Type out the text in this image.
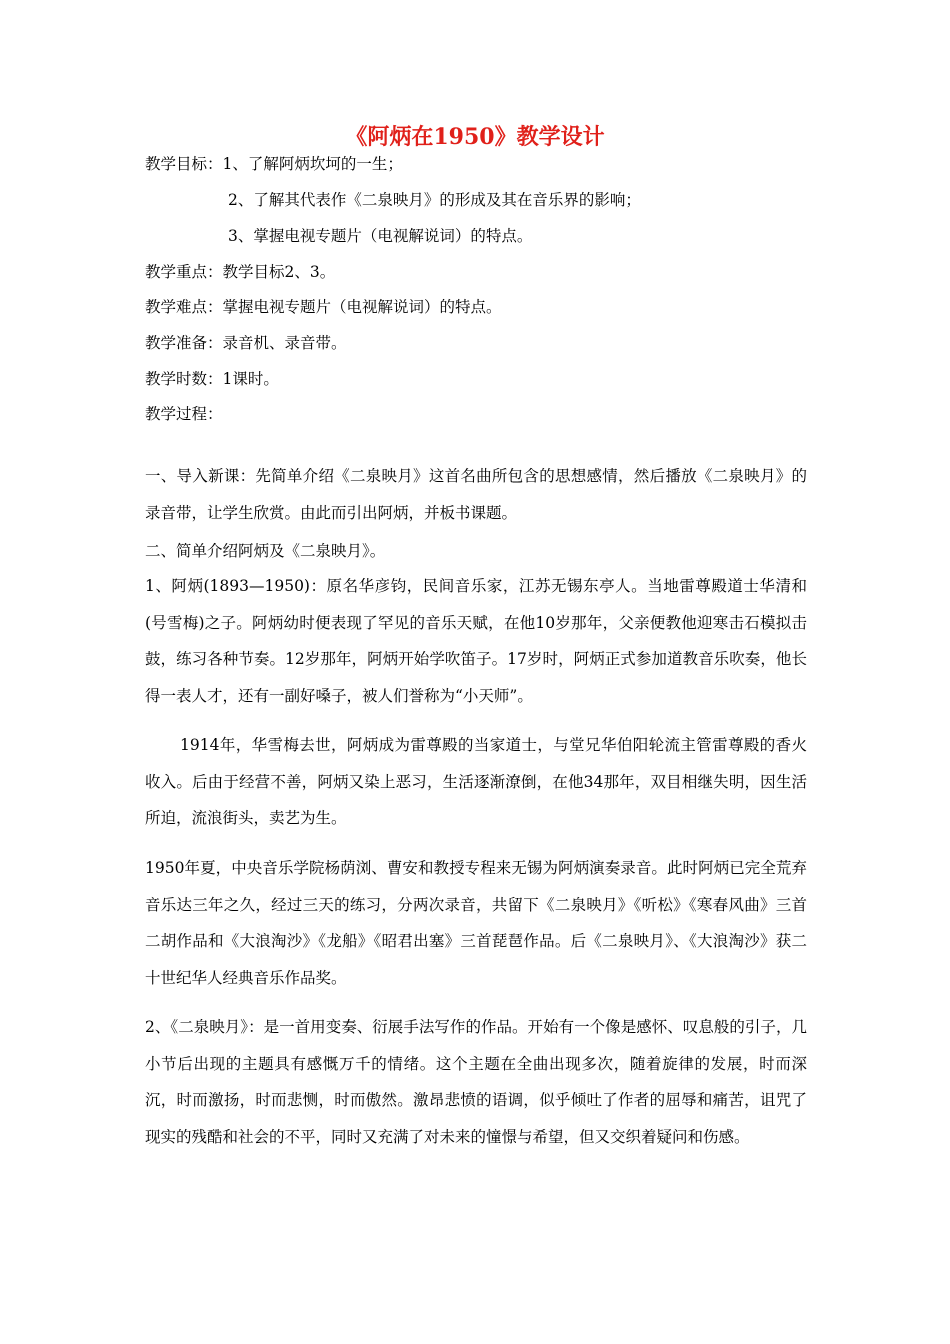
《阿炳在1950》教学设计

教学目标：1、了解阿炳坎坷的一生；

2、了解其代表作《二泉映月》的形成及其在音乐界的影响；

3、掌握电视专题片（电视解说词）的特点。

教学重点：教学目标2、3。

教学难点：掌握电视专题片（电视解说词）的特点。

教学准备：录音机、录音带。

教学时数：1课时。

教学过程：

一、导入新课：先简单介绍《二泉映月》这首名曲所包含的思想感情，然后播放《二泉映月》的录音带，让学生欣赏。由此而引出阿炳，并板书课题。

二、简单介绍阿炳及《二泉映月》。

1、阿炳(1893—1950)：原名华彦钧，民间音乐家，江苏无锡东亭人。当地雷尊殿道士华清和(号雪梅)之子。阿炳幼时便表现了罕见的音乐天赋，在他10岁那年，父亲便教他迎寒击石模拟击鼓，练习各种节奏。12岁那年，阿炳开始学吹笛子。17岁时，阿炳正式参加道教音乐吹奏，他长得一表人才，还有一副好嗓子，被人们誉称为“小天师”。

1914年，华雪梅去世，阿炳成为雷尊殿的当家道士，与堂兄华伯阳轮流主管雷尊殿的香火收入。后由于经营不善，阿炳又染上恶习，生活逐渐潦倒，在他34那年，双目相继失明，因生活所迫，流浪街头，卖艺为生。

1950年夏，中央音乐学院杨荫浏、曹安和教授专程来无锡为阿炳演奏录音。此时阿炳已完全荒弃音乐达三年之久，经过三天的练习，分两次录音，共留下《二泉映月》《听松》《寒春风曲》三首二胡作品和《大浪淘沙》《龙船》《昭君出塞》三首琵琶作品。后《二泉映月》、《大浪淘沙》获二十世纪华人经典音乐作品奖。

2、《二泉映月》：是一首用变奏、衍展手法写作的作品。开始有一个像是感怀、叹息般的引子，几小节后出现的主题具有感慨万千的情绪。这个主题在全曲出现多次，随着旋律的发展，时而深沉，时而激扬，时而悲恻，时而傲然。激昂悲愤的语调，似乎倾吐了作者的屈辱和痛苦，诅咒了现实的残酷和社会的不平，同时又充满了对未来的憧憬与希望，但又交织着疑问和伤感。
